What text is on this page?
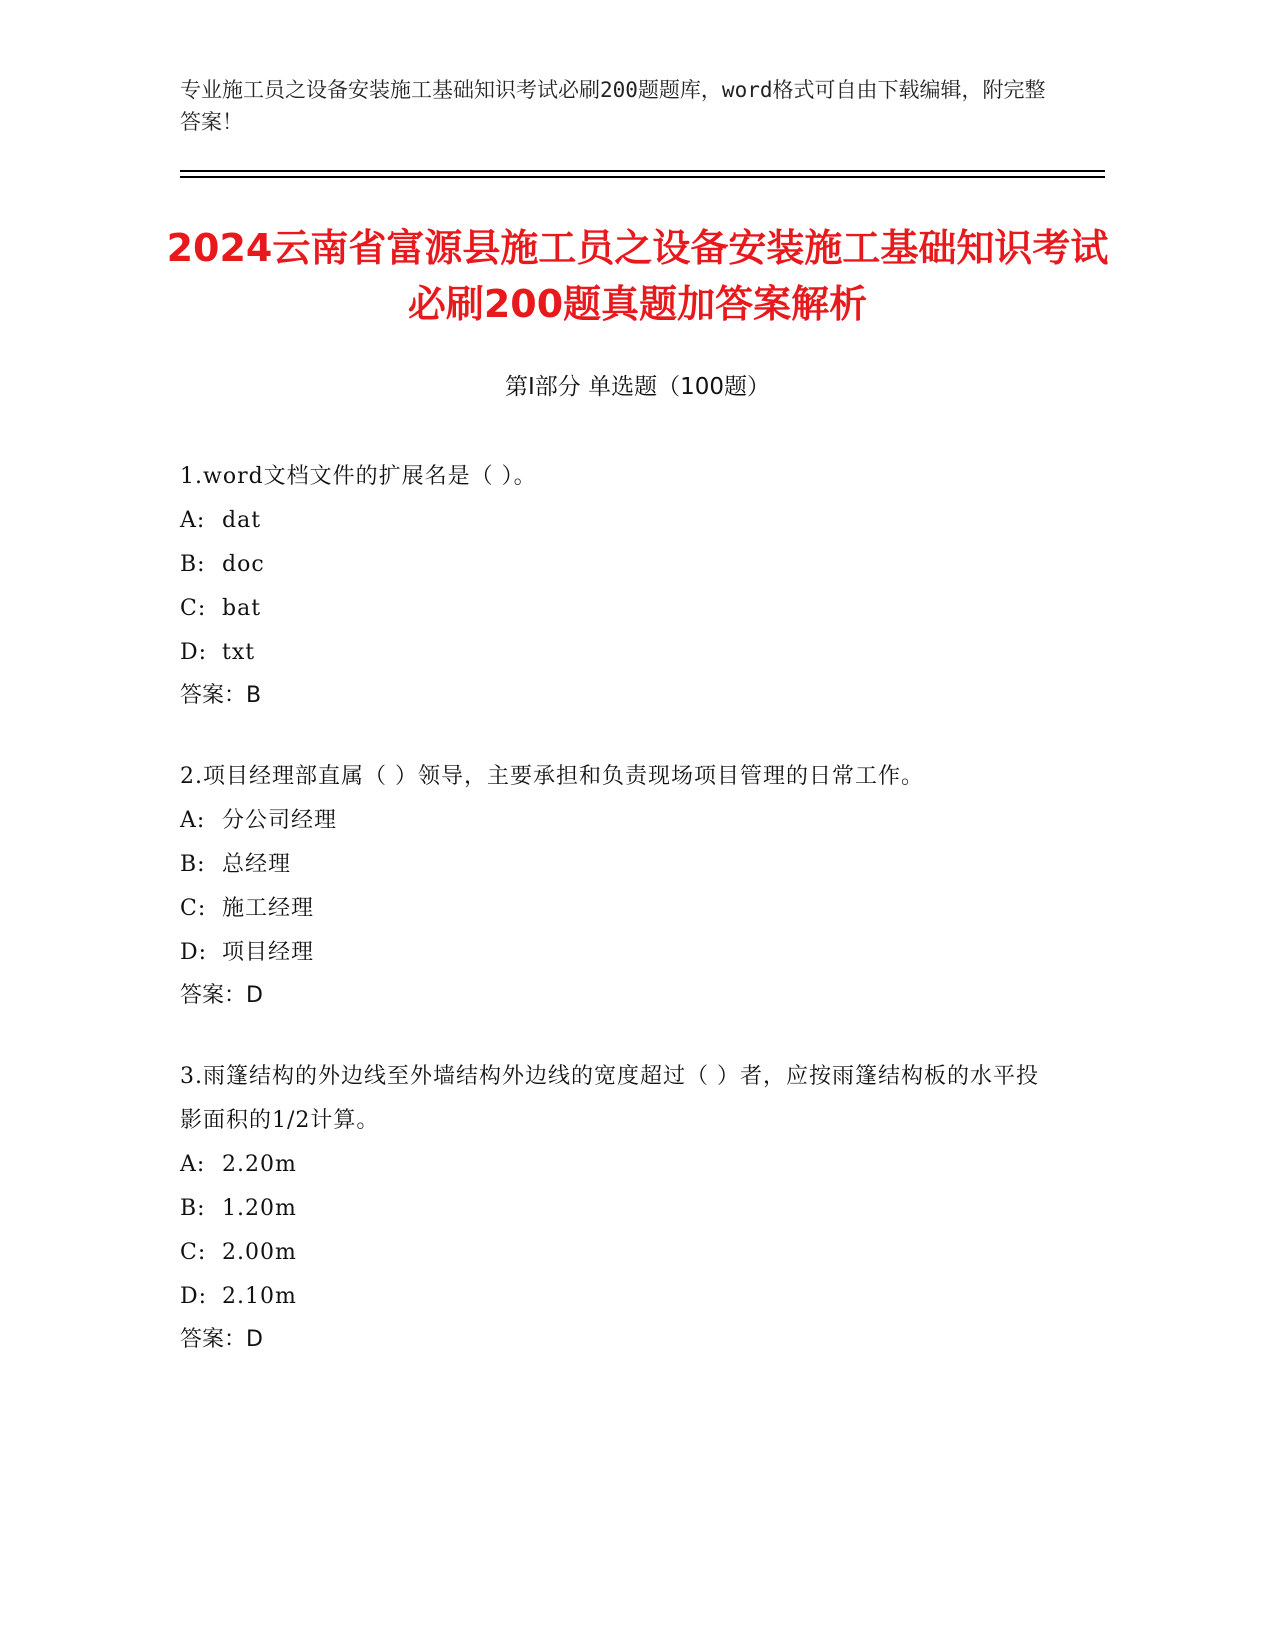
专业施工员之设备安装施工基础知识考试必刷200题题库，word格式可自由下载编辑，附完整答案！
2024云南省富源县施工员之设备安装施工基础知识考试必刷200题真题加答案解析
第Ⅰ部分 单选题（100题）
1.word文档文件的扩展名是（ ）。
A: dat
B: doc
C: bat
D: txt
答案：B
2.项目经理部直属（ ）领导，主要承担和负责现场项目管理的日常工作。
A: 分公司经理
B: 总经理
C: 施工经理
D: 项目经理
答案：D
3.雨篷结构的外边线至外墙结构外边线的宽度超过（ ）者，应按雨篷结构板的水平投影面积的1/2计算。
A: 2.20m
B: 1.20m
C: 2.00m
D: 2.10m
答案：D
